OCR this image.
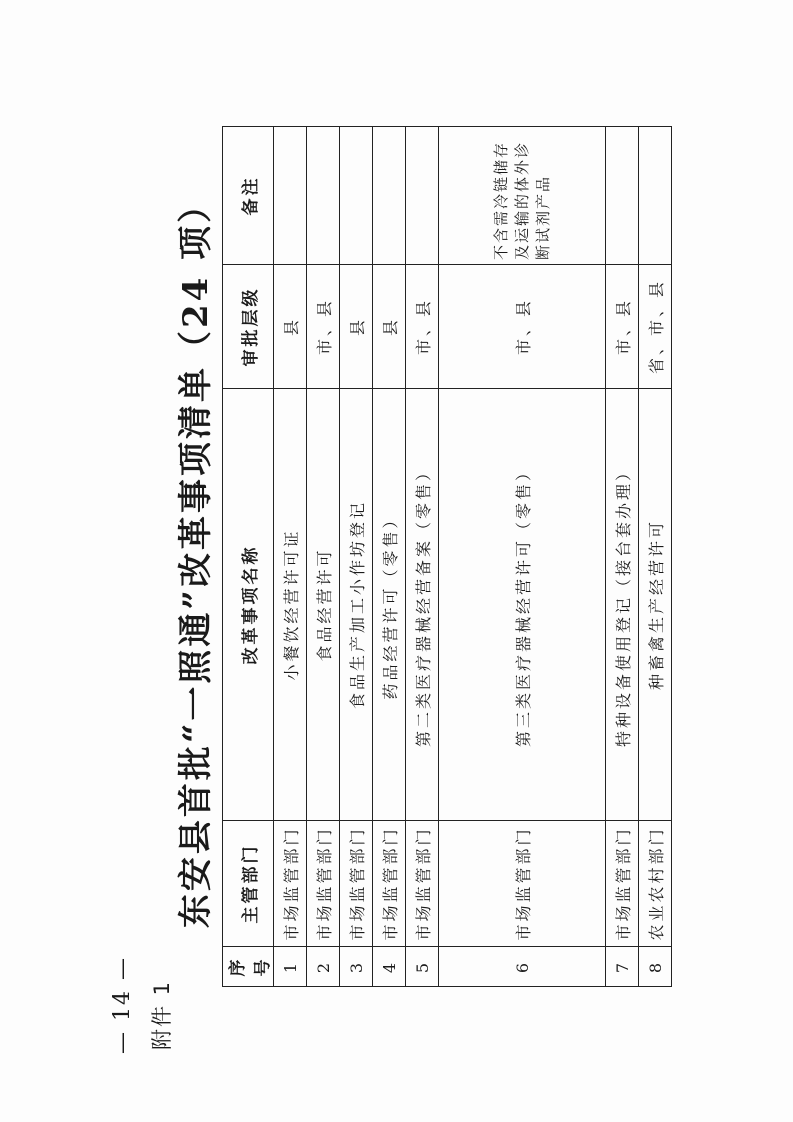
— 14 — 附件 1
东安县首批“一照通”改革事项清单（24 项）
序号	主管部门	改革事项名称	审批层级	备注
1	市场监管部门	小餐饮经营许可证	县	
2	市场监管部门	食品经营许可	市、县	
3	市场监管部门	食品生产加工小作坊登记	县	
4	市场监管部门	药品经营许可（零售）	县	
5	市场监管部门	第二类医疗器械经营备案（零售）	市、县	
6	市场监管部门	第三类医疗器械经营许可（零售）	市、县	不含需冷链储存及运输的体外诊断试剂产品
7	市场监管部门	特种设备使用登记（接台套办理）	市、县	
8	农业农村部门	种畜禽生产经营许可	省、市、县	
